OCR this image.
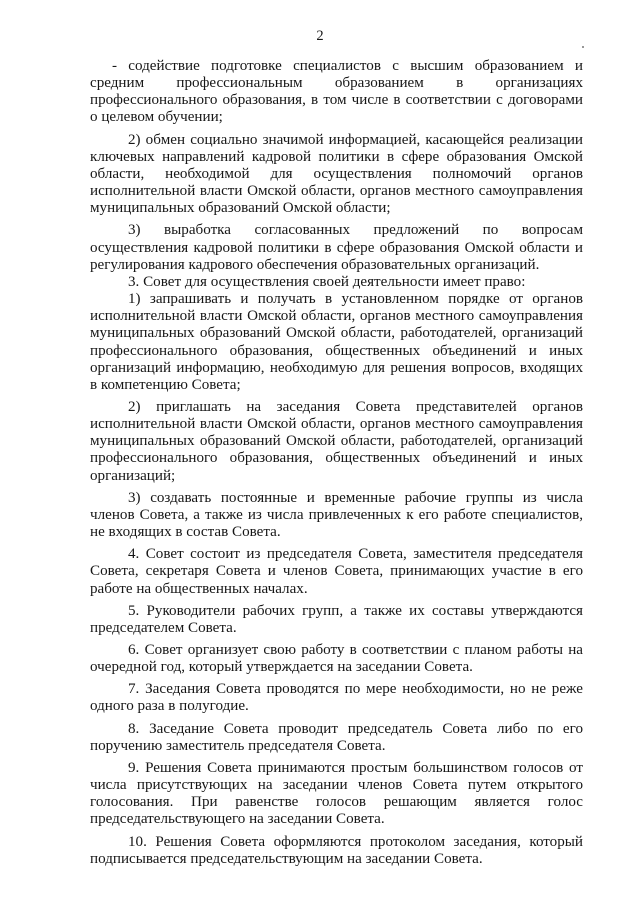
2

- содействие подготовке специалистов с высшим образованием и средним профессиональным образованием в организациях профессионального образования, в том числе в соответствии с договорами о целевом обучении;

2) обмен социально значимой информацией, касающейся реализации ключевых направлений кадровой политики в сфере образования Омской области, необходимой для осуществления полномочий органов исполнительной власти Омской области, органов местного самоуправления муниципальных образований Омской области;

3) выработка согласованных предложений по вопросам осуществления кадровой политики в сфере образования Омской области и регулирования кадрового обеспечения образовательных организаций.

3. Совет для осуществления своей деятельности имеет право:

1) запрашивать и получать в установленном порядке от органов исполнительной власти Омской области, органов местного самоуправления муниципальных образований Омской области, работодателей, организаций профессионального образования, общественных объединений и иных организаций информацию, необходимую для решения вопросов, входящих в компетенцию Совета;

2) приглашать на заседания Совета представителей органов исполнительной власти Омской области, органов местного самоуправления муниципальных образований Омской области, работодателей, организаций профессионального образования, общественных объединений и иных организаций;

3) создавать постоянные и временные рабочие группы из числа членов Совета, а также из числа привлеченных к его работе специалистов, не входящих в состав Совета.

4. Совет состоит из председателя Совета, заместителя председателя Совета, секретаря Совета и членов Совета, принимающих участие в его работе на общественных началах.

5. Руководители рабочих групп, а также их составы утверждаются председателем Совета.

6. Совет организует свою работу в соответствии с планом работы на очередной год, который утверждается на заседании Совета.

7. Заседания Совета проводятся по мере необходимости, но не реже одного раза в полугодие.

8. Заседание Совета проводит председатель Совета либо по его поручению заместитель председателя Совета.

9. Решения Совета принимаются простым большинством голосов от числа присутствующих на заседании членов Совета путем открытого голосования. При равенстве голосов решающим является голос председательствующего на заседании Совета.

10. Решения Совета оформляются протоколом заседания, который подписывается председательствующим на заседании Совета.
